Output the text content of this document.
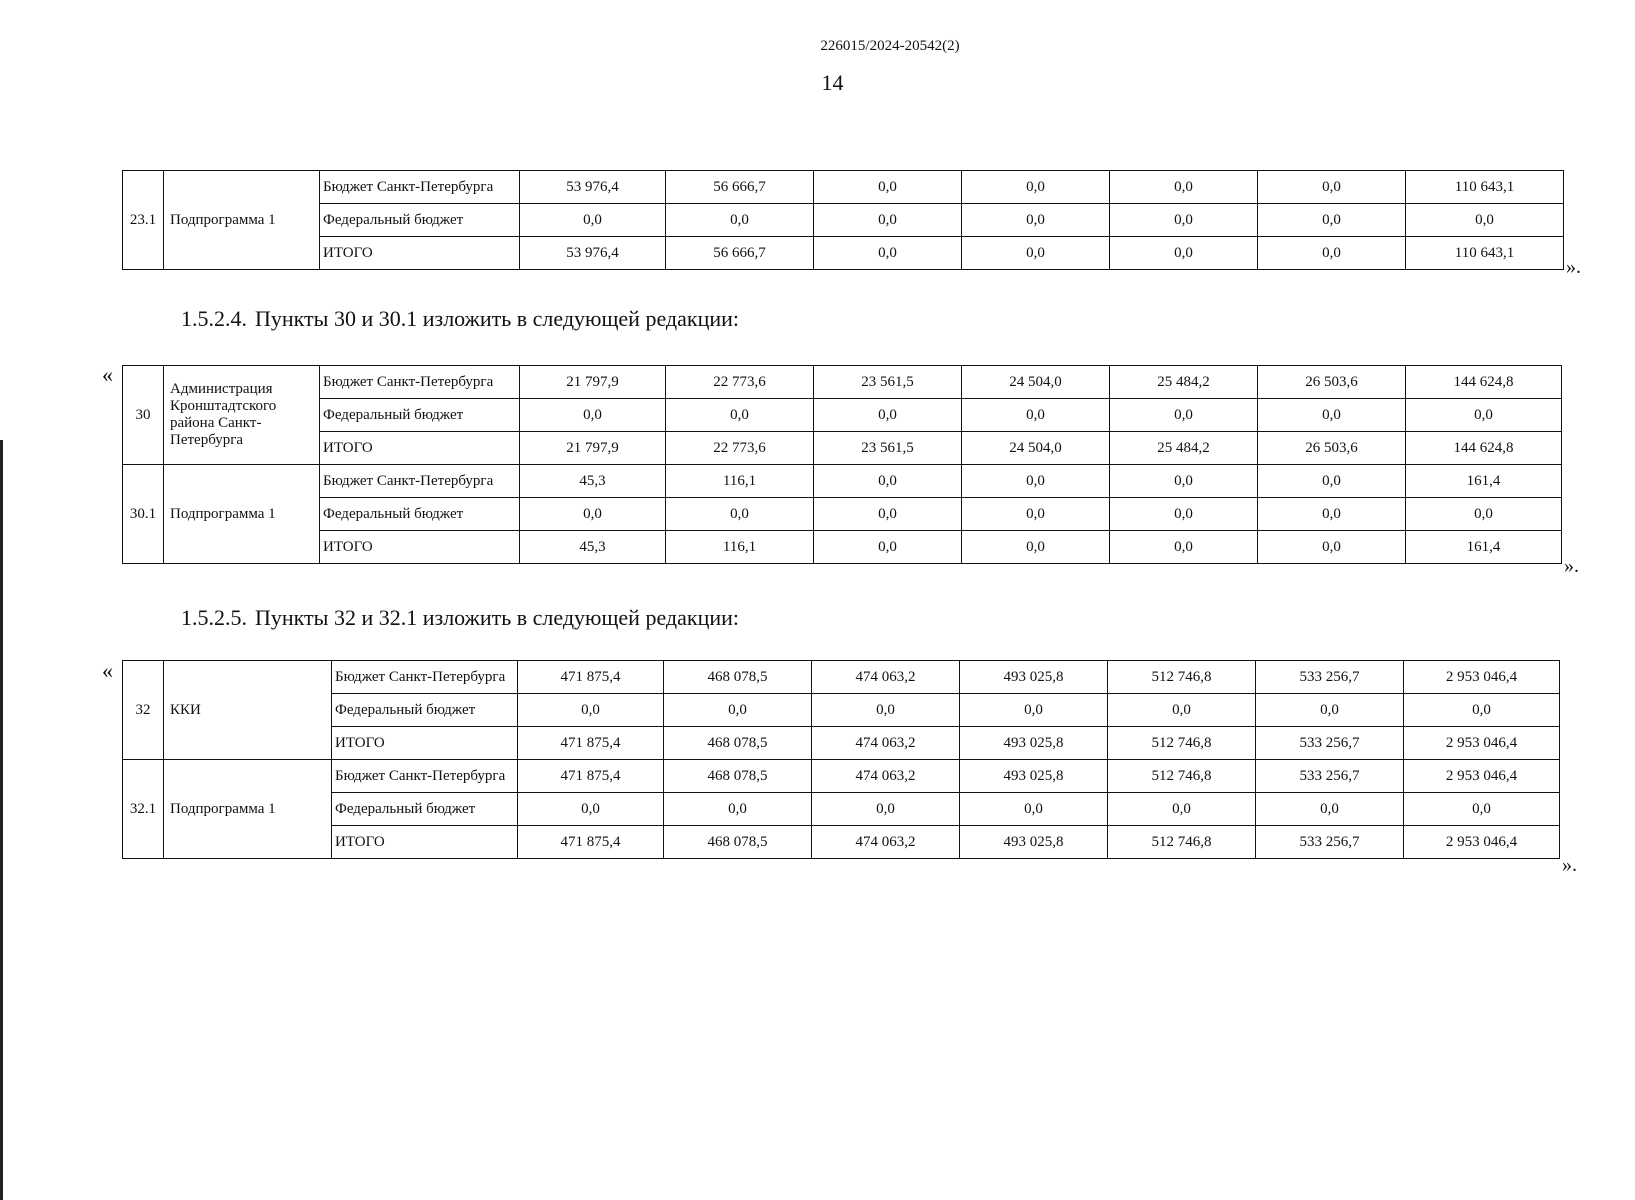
226015/2024-20542(2)
14
23.1	Подпрограмма 1	Бюджет Санкт-Петербурга	53 976,4	56 666,7	0,0	0,0	0,0	0,0	110 643,1
		Федеральный бюджет	0,0	0,0	0,0	0,0	0,0	0,0	0,0
		ИТОГО	53 976,4	56 666,7	0,0	0,0	0,0	0,0	110 643,1
».
1.5.2.4. Пункты 30 и 30.1 изложить в следующей редакции:
«
30	Администрация Кронштадтского района Санкт-Петербурга	Бюджет Санкт-Петербурга	21 797,9	22 773,6	23 561,5	24 504,0	25 484,2	26 503,6	144 624,8
		Федеральный бюджет	0,0	0,0	0,0	0,0	0,0	0,0	0,0
		ИТОГО	21 797,9	22 773,6	23 561,5	24 504,0	25 484,2	26 503,6	144 624,8
30.1	Подпрограмма 1	Бюджет Санкт-Петербурга	45,3	116,1	0,0	0,0	0,0	0,0	161,4
		Федеральный бюджет	0,0	0,0	0,0	0,0	0,0	0,0	0,0
		ИТОГО	45,3	116,1	0,0	0,0	0,0	0,0	161,4
».
1.5.2.5. Пункты 32 и 32.1 изложить в следующей редакции:
«
32	ККИ	Бюджет Санкт-Петербурга	471 875,4	468 078,5	474 063,2	493 025,8	512 746,8	533 256,7	2 953 046,4
		Федеральный бюджет	0,0	0,0	0,0	0,0	0,0	0,0	0,0
		ИТОГО	471 875,4	468 078,5	474 063,2	493 025,8	512 746,8	533 256,7	2 953 046,4
32.1	Подпрограмма 1	Бюджет Санкт-Петербурга	471 875,4	468 078,5	474 063,2	493 025,8	512 746,8	533 256,7	2 953 046,4
		Федеральный бюджет	0,0	0,0	0,0	0,0	0,0	0,0	0,0
		ИТОГО	471 875,4	468 078,5	474 063,2	493 025,8	512 746,8	533 256,7	2 953 046,4
».
